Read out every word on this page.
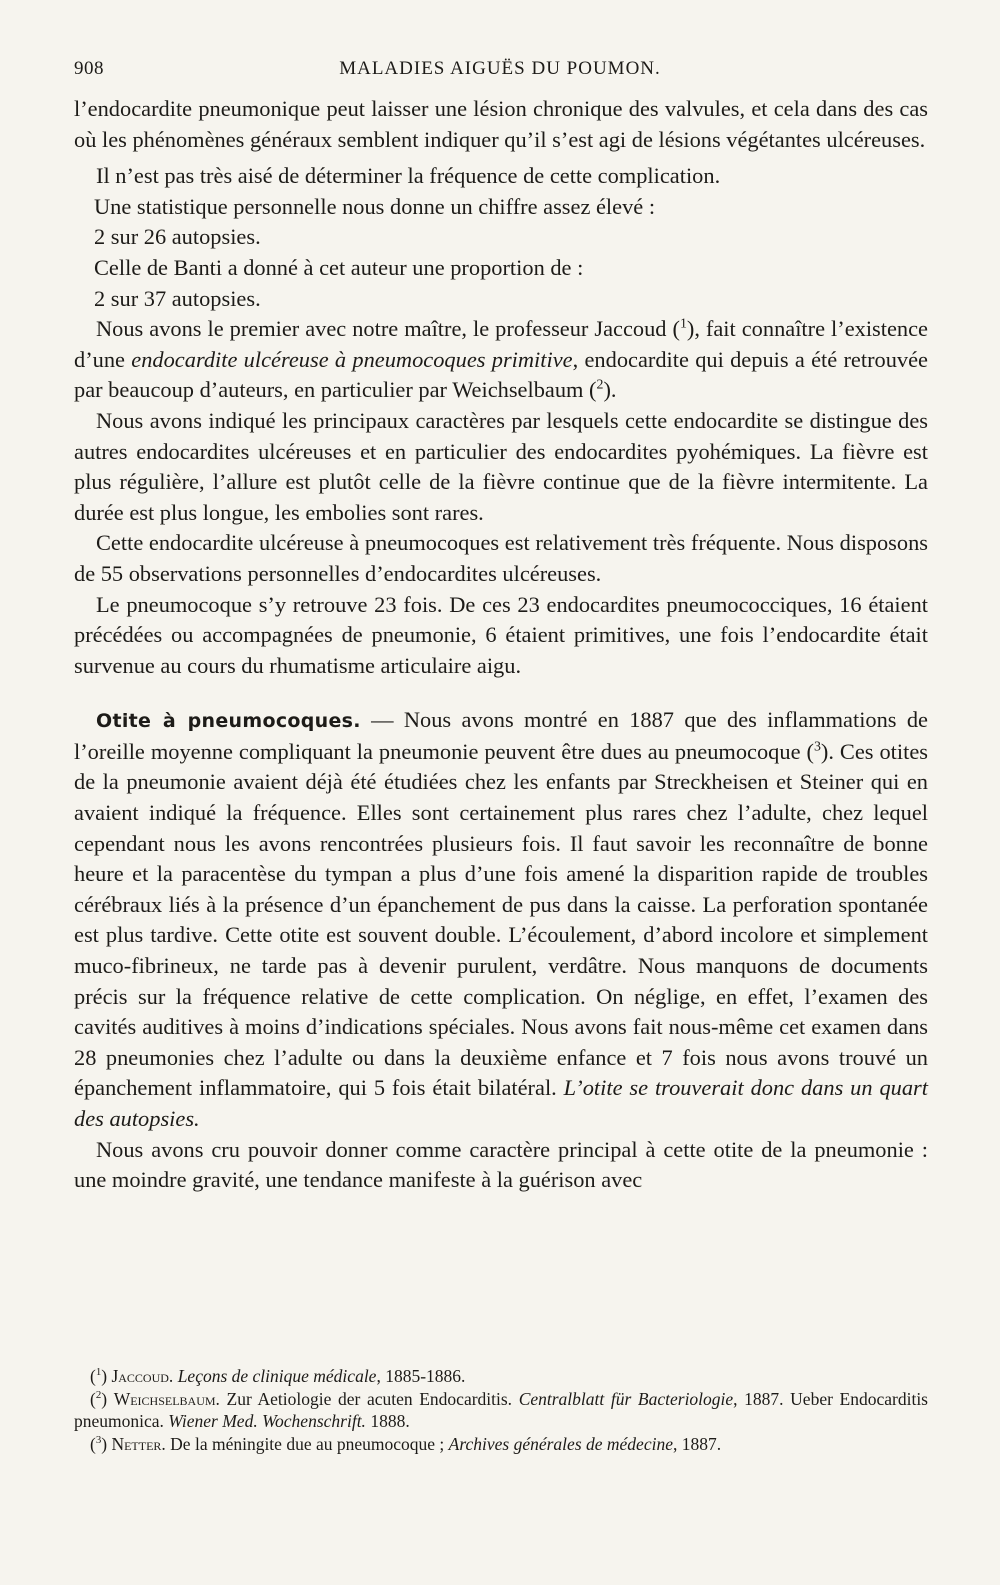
908	MALADIES AIGUËS DU POUMON.

l’endocardite pneumonique peut laisser une lésion chronique des valvules, et cela dans des cas où les phénomènes généraux semblent indiquer qu’il s’est agi de lésions végétantes ulcéreuses.

Il n’est pas très aisé de déterminer la fréquence de cette complication.

Une statistique personnelle nous donne un chiffre assez élevé :
2 sur 26 autopsies.

Celle de Banti a donné à cet auteur une proportion de :
2 sur 37 autopsies.

Nous avons le premier avec notre maître, le professeur Jaccoud ($^1$), fait connaître l’existence d’une endocardite ulcéreuse à pneumocoques primitive, endocardite qui depuis a été retrouvée par beaucoup d’auteurs, en particulier par Weichselbaum ($^2$).

Nous avons indiqué les principaux caractères par lesquels cette endocardite se distingue des autres endocardites ulcéreuses et en particulier des endocardites pyohémiques. La fièvre est plus régulière, l’allure est plutôt celle de la fièvre continue que de la fièvre intermitente. La durée est plus longue, les embolies sont rares.

Cette endocardite ulcéreuse à pneumocoques est relativement très fréquente. Nous disposons de 55 observations personnelles d’endocardites ulcéreuses.

Le pneumocoque s’y retrouve 23 fois. De ces 23 endocardites pneumococciques, 16 étaient précédées ou accompagnées de pneumonie, 6 étaient primitives, une fois l’endocardite était survenue au cours du rhumatisme articulaire aigu.

Otite à pneumocoques. — Nous avons montré en 1887 que des inflammations de l’oreille moyenne compliquant la pneumonie peuvent être dues au pneumocoque ($^3$). Ces otites de la pneumonie avaient déjà été étudiées chez les enfants par Streckheisen et Steiner qui en avaient indiqué la fréquence. Elles sont certainement plus rares chez l’adulte, chez lequel cependant nous les avons rencontrées plusieurs fois. Il faut savoir les reconnaître de bonne heure et la paracentèse du tympan a plus d’une fois amené la disparition rapide de troubles cérébraux liés à la présence d’un épanchement de pus dans la caisse. La perforation spontanée est plus tardive. Cette otite est souvent double. L’écoulement, d’abord incolore et simplement muco-fibrineux, ne tarde pas à devenir purulent, verdâtre. Nous manquons de documents précis sur la fréquence relative de cette complication. On néglige, en effet, l’examen des cavités auditives à moins d’indications spéciales. Nous avons fait nous-même cet examen dans 28 pneumonies chez l’adulte ou dans la deuxième enfance et 7 fois nous avons trouvé un épanchement inflammatoire, qui 5 fois était bilatéral. L’otite se trouverait donc dans un quart des autopsies.

Nous avons cru pouvoir donner comme caractère principal à cette otite de la pneumonie : une moindre gravité, une tendance manifeste à la guérison avec

($^1$) Jaccoud. Leçons de clinique médicale, 1885-1886.

($^2$) Weichselbaum. Zur Aetiologie der acuten Endocarditis. Centralblatt für Bacteriologie, 1887. Ueber Endocarditis pneumonica. Wiener Med. Wochenschrift. 1888.

($^3$) Netter. De la méningite due au pneumocoque ; Archives générales de médecine, 1887.
